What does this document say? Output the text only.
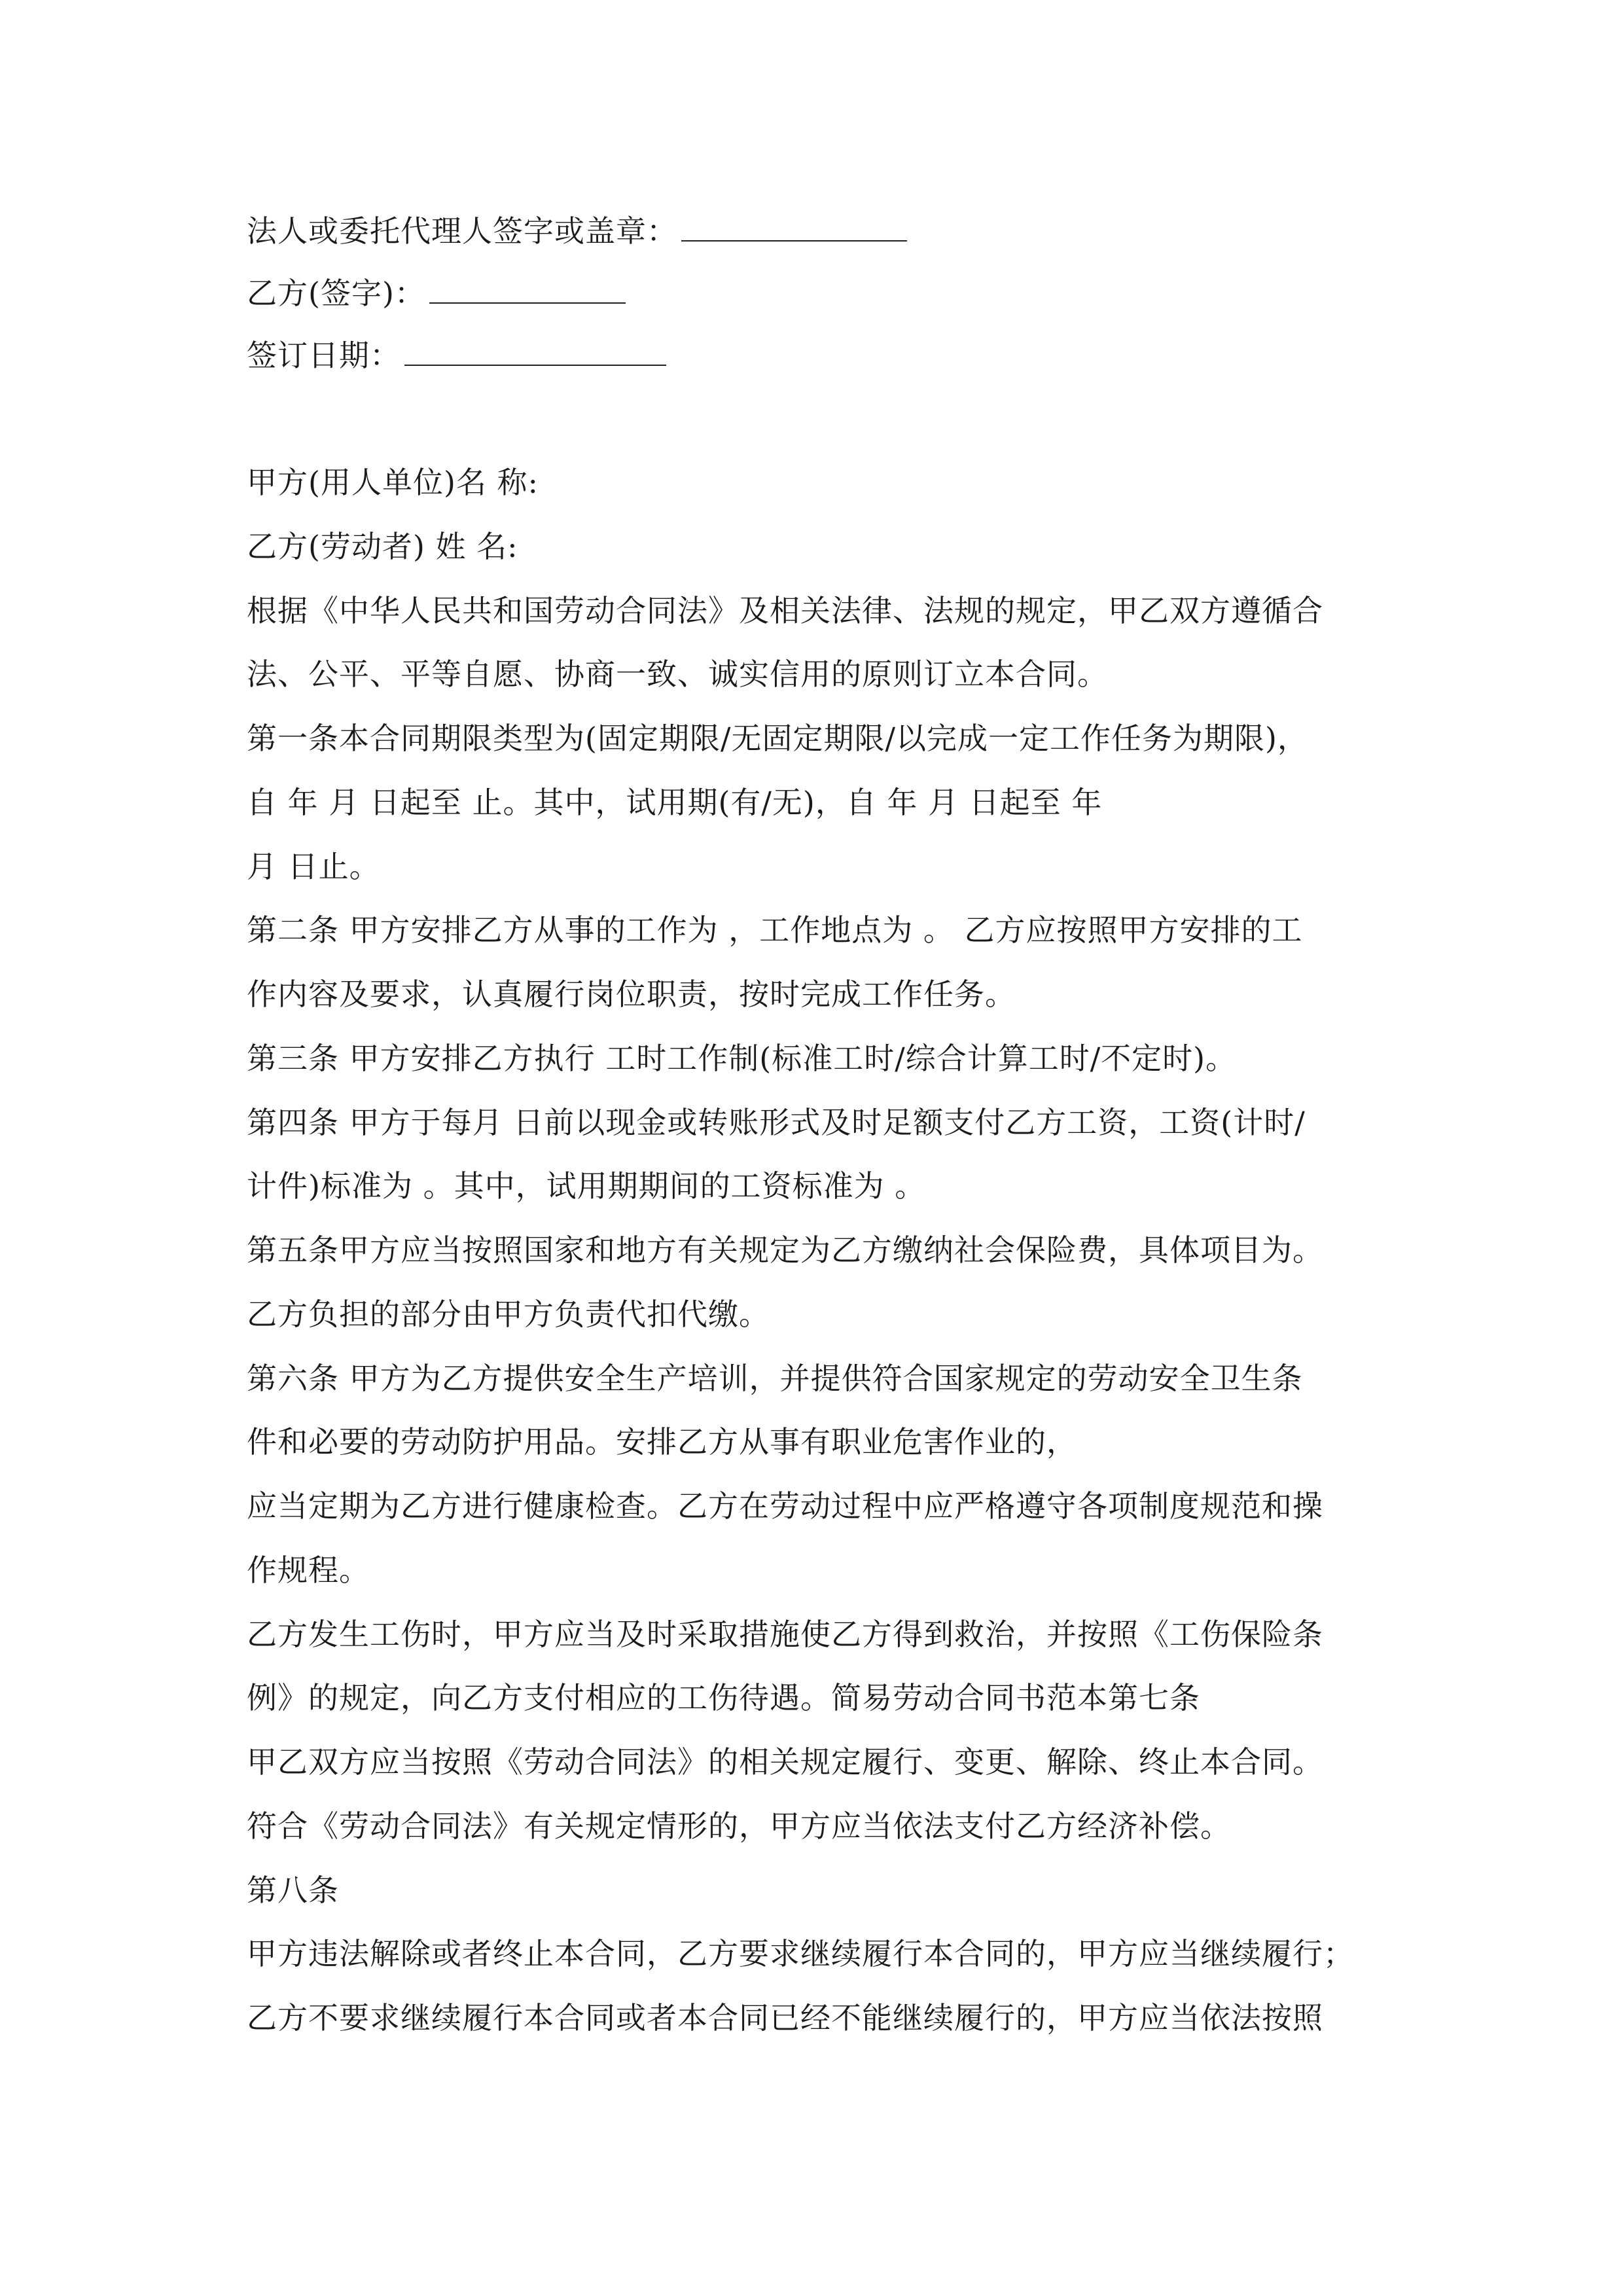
法人或委托代理人签字或盖章：
乙方(签字)：
签订日期：
甲方(用人单位)名 称:
乙方(劳动者) 姓 名:
根据《中华人民共和国劳动合同法》及相关法律、法规的规定，甲乙双方遵循合
法、公平、平等自愿、协商一致、诚实信用的原则订立本合同。
第一条本合同期限类型为(固定期限/无固定期限/以完成一定工作任务为期限)，
自 年 月 日起至 止。其中，试用期(有/无)，自 年 月 日起至 年
月 日止。
第二条 甲方安排乙方从事的工作为 ，工作地点为 。 乙方应按照甲方安排的工
作内容及要求，认真履行岗位职责，按时完成工作任务。
第三条 甲方安排乙方执行 工时工作制(标准工时/综合计算工时/不定时)。
第四条 甲方于每月 日前以现金或转账形式及时足额支付乙方工资，工资(计时/
计件)标准为 。其中，试用期期间的工资标准为 。
第五条甲方应当按照国家和地方有关规定为乙方缴纳社会保险费，具体项目为。
乙方负担的部分由甲方负责代扣代缴。
第六条 甲方为乙方提供安全生产培训，并提供符合国家规定的劳动安全卫生条
件和必要的劳动防护用品。安排乙方从事有职业危害作业的，
应当定期为乙方进行健康检查。乙方在劳动过程中应严格遵守各项制度规范和操
作规程。
乙方发生工伤时，甲方应当及时采取措施使乙方得到救治，并按照《工伤保险条
例》的规定，向乙方支付相应的工伤待遇。简易劳动合同书范本第七条
甲乙双方应当按照《劳动合同法》的相关规定履行、变更、解除、终止本合同。
符合《劳动合同法》有关规定情形的，甲方应当依法支付乙方经济补偿。
第八条
甲方违法解除或者终止本合同，乙方要求继续履行本合同的，甲方应当继续履行；
乙方不要求继续履行本合同或者本合同已经不能继续履行的，甲方应当依法按照
